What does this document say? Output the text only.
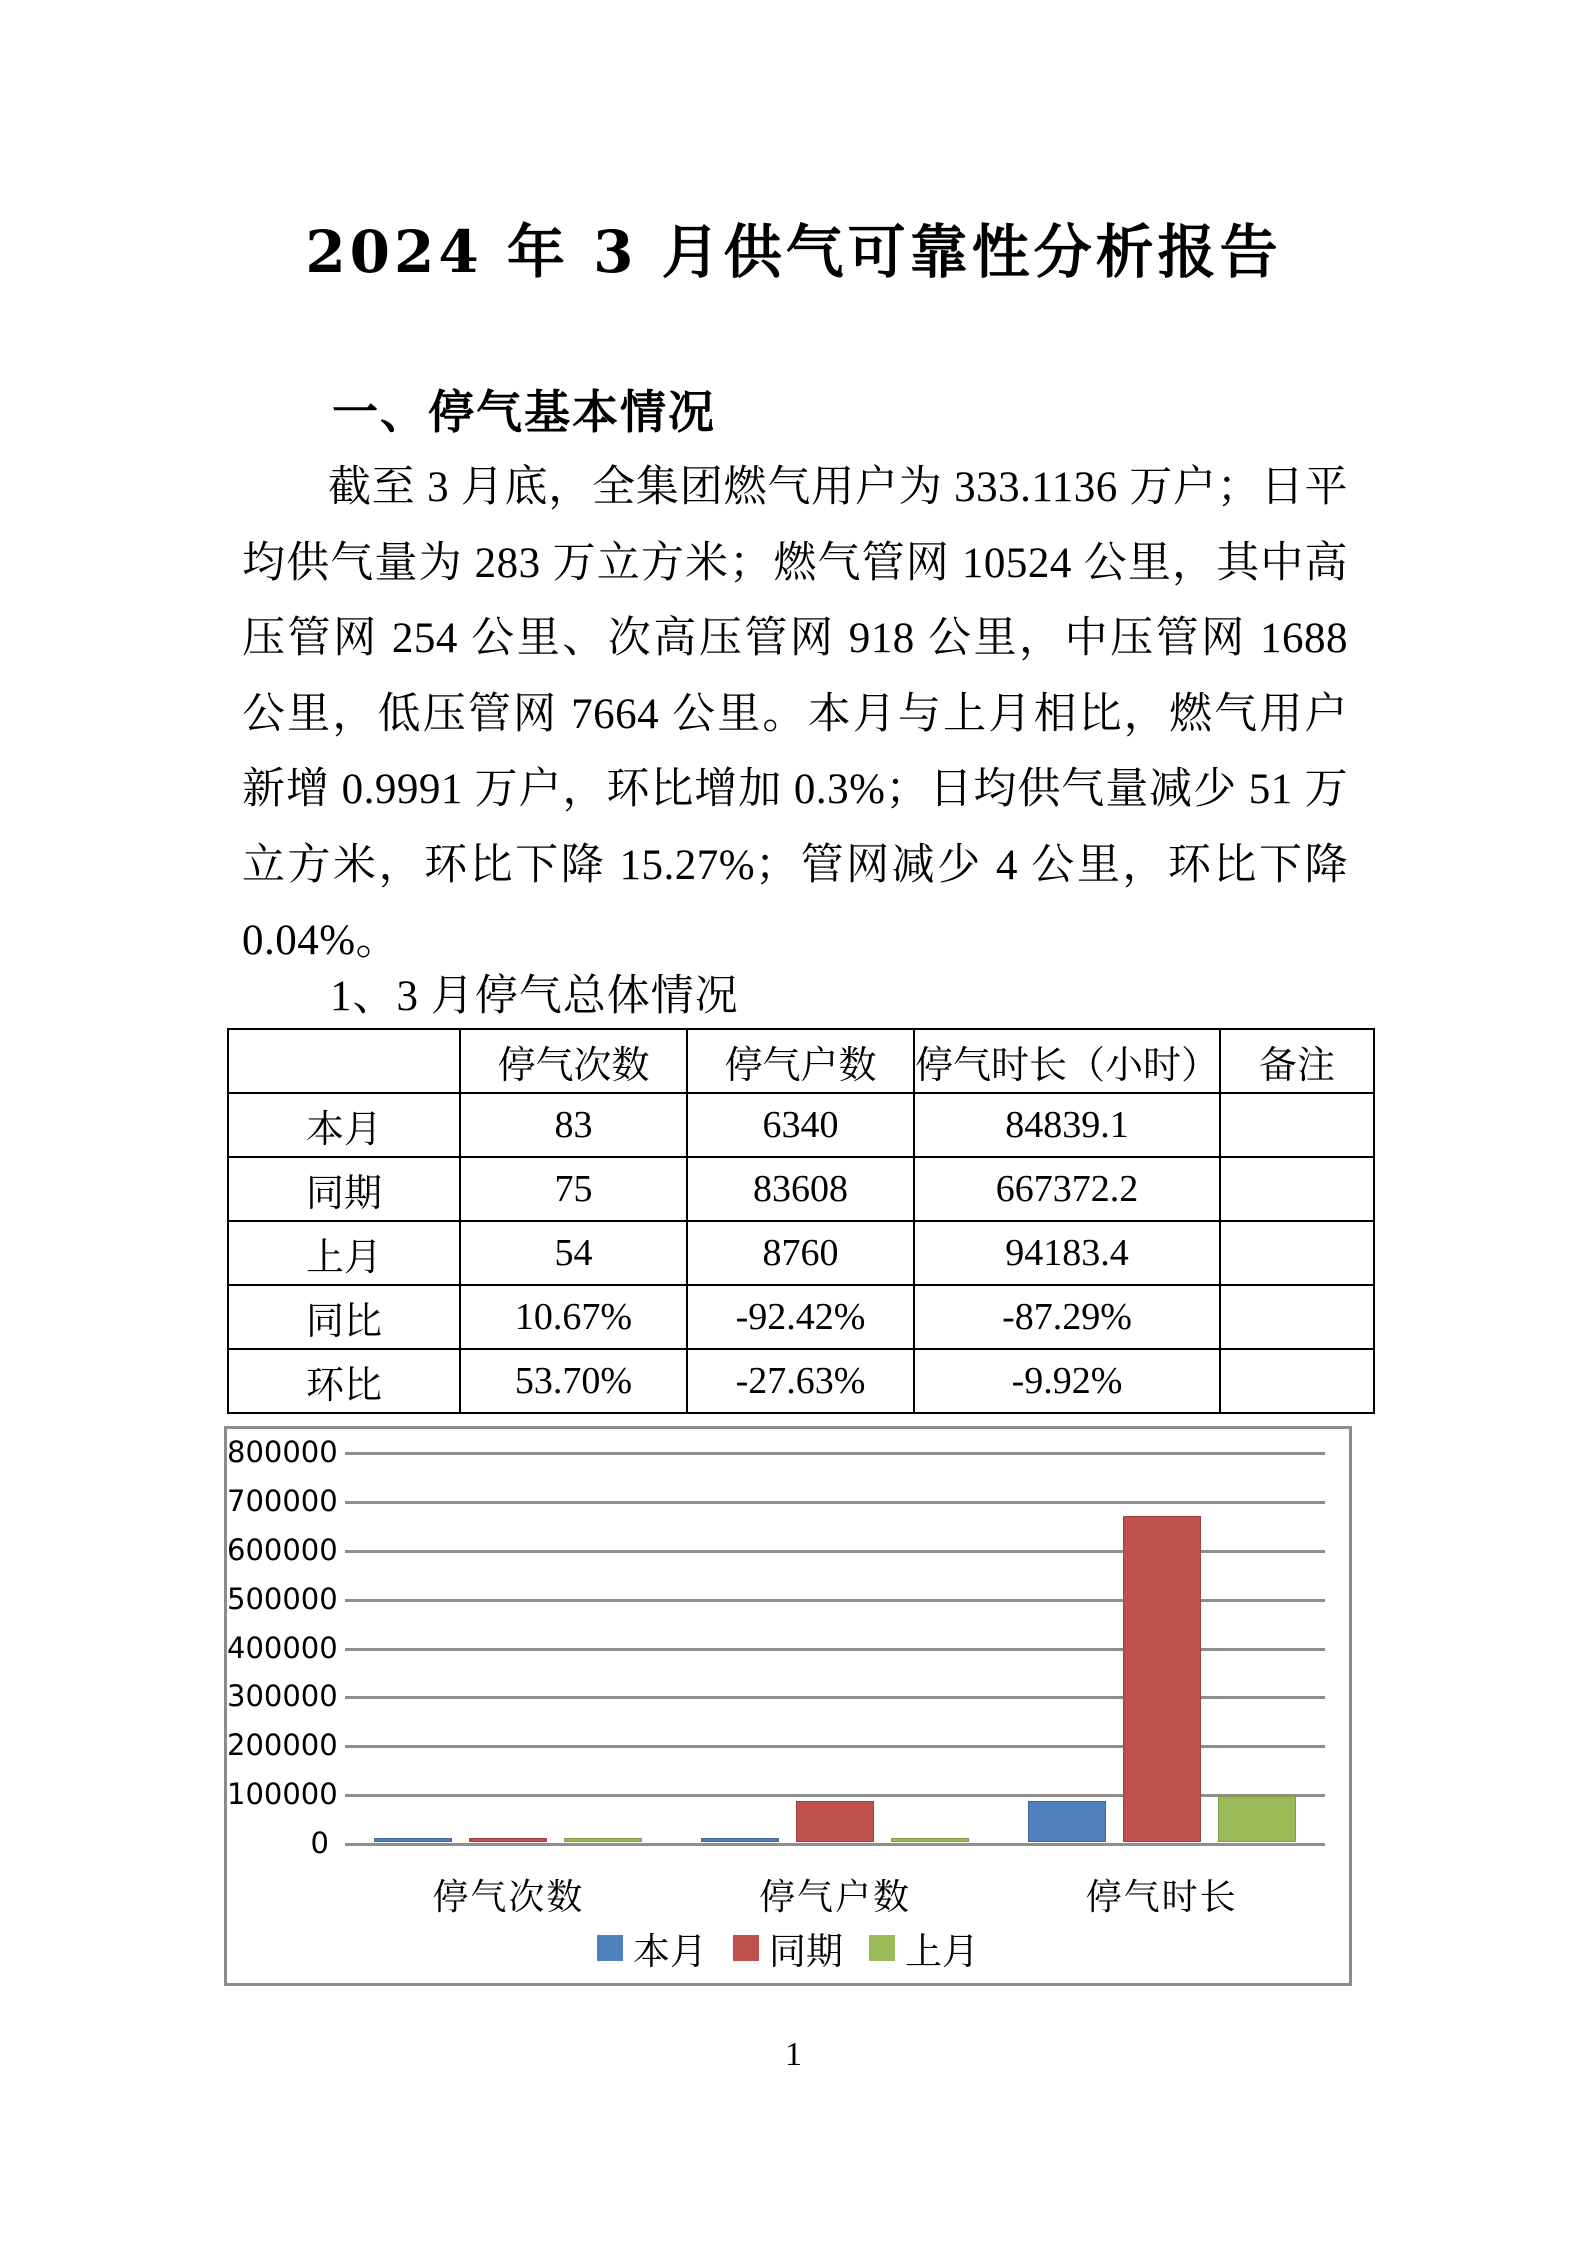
2024 年 3 月供气可靠性分析报告
一、停气基本情况

截至 3 月底，全集团燃气用户为 333.1136 万户；日平均供气量为 283 万立方米；燃气管网 10524 公里，其中高压管网 254 公里、次高压管网 918 公里，中压管网 1688 公里，低压管网 7664 公里。本月与上月相比，燃气用户新增 0.9991 万户，环比增加 0.3%；日均供气量减少 51 万立方米，环比下降 15.27%；管网减少 4 公里，环比下降 0.04%。

1、3 月停气总体情况
	停气次数	停气户数	停气时长（小时）	备注
本月	83	6340	84839.1	
同期	75	83608	667372.2	
上月	54	8760	94183.4	
同比	10.67%	-92.42%	-87.29%	
环比	53.70%	-27.63%	-9.92%	
0
100000
200000
300000
400000
500000
600000
700000
800000
停气次数	停气户数	停气时长
本月 同期 上月
1
